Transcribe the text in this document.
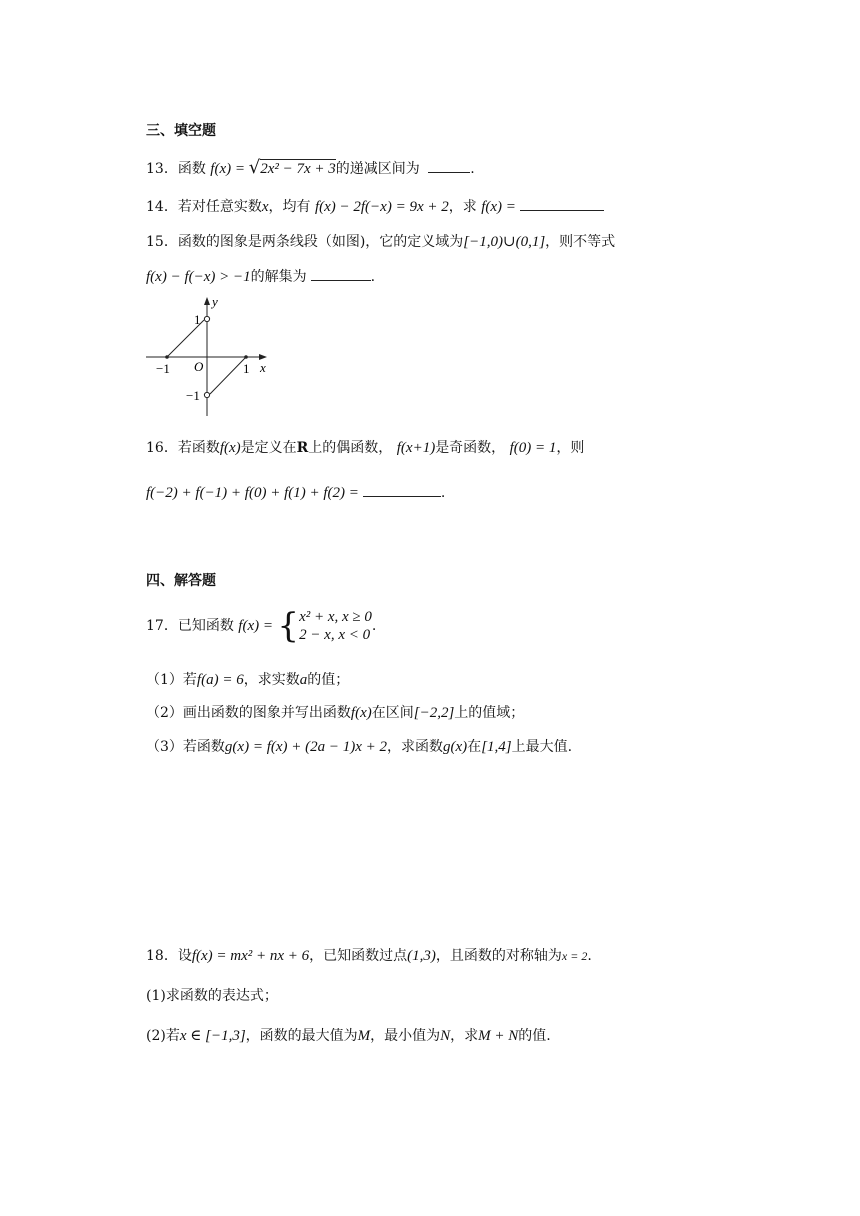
三、填空题
13．函数 f(x) = √2x² − 7x + 3的递减区间为	.
14．若对任意实数x，均有 f(x) − 2f(−x) = 9x + 2，求 f(x) =
15．函数的图象是两条线段（如图)，它的定义域为[−1,0)∪(0,1]，则不等式
f(x) − f(−x) > −1的解集为	.
y
x
O
−1	1
1
−1
16．若函数f(x)是定义在R上的偶函数， f(x+1)是奇函数， f(0) = 1，则
f(−2) + f(−1) + f(0) + f(1) + f(2) =	.
四、解答题
17．已知函数 f(x) = { x² + x, x ≥ 0
2 − x, x < 0
.
（1）若f(a) = 6，求实数a的值；
（2）画出函数的图象并写出函数f(x)在区间[−2,2]上的值域；
（3）若函数g(x) = f(x) + (2a − 1)x + 2，求函数g(x)在[1,4]上最大值.
18．设f(x) = mx² + nx + 6，已知函数过点(1,3)，且函数的对称轴为x = 2.
(1)求函数的表达式；
(2)若x ∈ [−1,3]，函数的最大值为M，最小值为N，求M + N的值.
